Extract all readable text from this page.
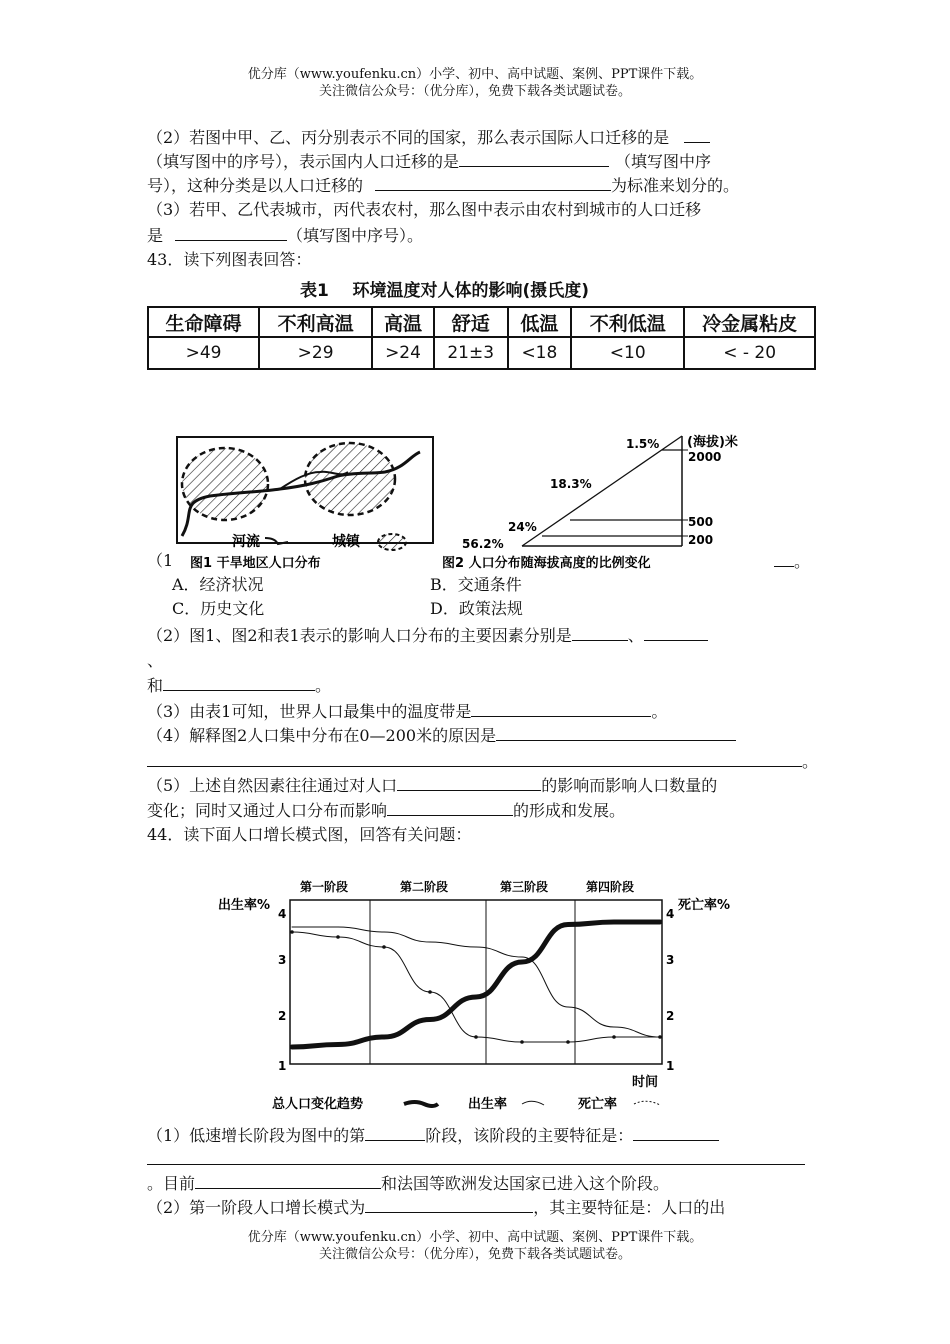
优分库（www.youfenku.cn）小学、初中、高中试题、案例、PPT课件下载。
关注微信公众号：（优分库），免费下载各类试题试卷。
（2）若图中甲、乙、丙分别表示不同的国家，那么表示国际人口迁移的是
（填写图中的序号），表示国内人口迁移的是	（填写图中序
号），这种分类是以人口迁移的	为标准来划分的。
（3）若甲、乙代表城市，丙代表农村，那么图中表示由农村到城市的人口迁移
是	（填写图中序号）。
43．读下列图表回答：
表1    环境温度对人体的影响(摄氏度)
生命障碍	不利高温	高温	舒适	低温	不利低温	冷金属粘皮
>49	>29	>24	21±3	<18	<10	< - 20
河流	城镇
图1 干旱地区人口分布
(海拔)米
2000
500
200
1.5%
18.3%
24%
56.2%
图2 人口分布随海拔高度的比例变化
（1	。
A．经济状况	B．交通条件
C．历史文化	D．政策法规
（2）图1、图2和表1表示的影响人口分布的主要因素分别是	、
、
和	。
（3）由表1可知，世界人口最集中的温度带是	。
（4）解释图2人口集中分布在0—200米的原因是
。
（5）上述自然因素往往通过对人口	的影响而影响人口数量的
变化；同时又通过人口分布而影响	的形成和发展。
44．读下面人口增长模式图，回答有关问题：
第一阶段	第二阶段	第三阶段	第四阶段
出生率%	死亡率%
4
3
2
1
4
3
2
1
时间
总人口变化趋势	出生率	死亡率
（1）低速增长阶段为图中的第	阶段，该阶段的主要特征是：
。目前	和法国等欧洲发达国家已进入这个阶段。
（2）第一阶段人口增长模式为	，其主要特征是：人口的出
优分库（www.youfenku.cn）小学、初中、高中试题、案例、PPT课件下载。
关注微信公众号：（优分库），免费下载各类试题试卷。
